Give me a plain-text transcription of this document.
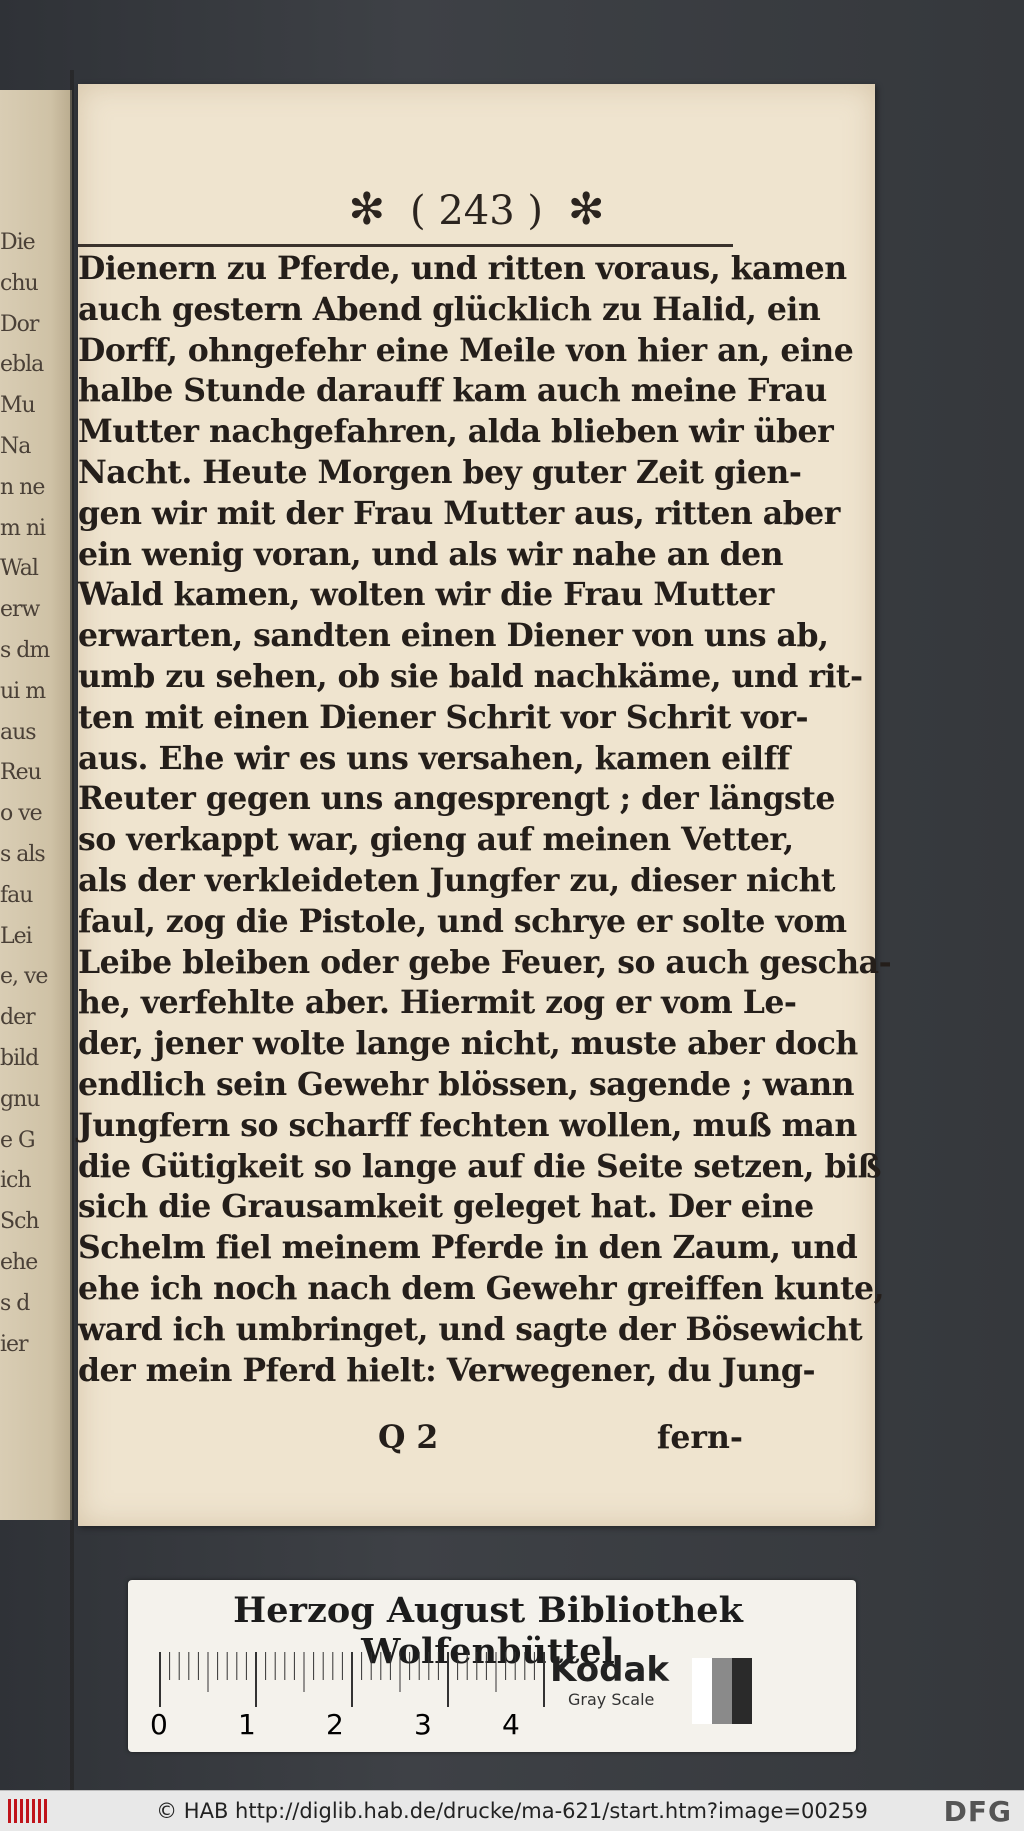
Die
chu
Dor
ebla
Mu
Na
n ne
m ni
Wal
erw
s dm
ui m
aus
Reu
o ve
s als
fau
Lei
e, ve
der
bild
gnu
e G
ich
Sch
ehe
s d
ier
✻ ( 243 ) ✻
Dienern zu Pferde, und ritten voraus, kamen
auch gestern Abend glücklich zu Halid, ein
Dorff, ohngefehr eine Meile von hier an, eine
halbe Stunde darauff kam auch meine Frau
Mutter nachgefahren, alda blieben wir über
Nacht. Heute Morgen bey guter Zeit gien-
gen wir mit der Frau Mutter aus, ritten aber
ein wenig voran, und als wir nahe an den
Wald kamen, wolten wir die Frau Mutter
erwarten, sandten einen Diener von uns ab,
umb zu sehen, ob sie bald nachkäme, und rit-
ten mit einen Diener Schrit vor Schrit vor-
aus. Ehe wir es uns versahen, kamen eilff
Reuter gegen uns angesprengt ; der längste
so verkappt war, gieng auf meinen Vetter,
als der verkleideten Jungfer zu, dieser nicht
faul, zog die Pistole, und schrye er solte vom
Leibe bleiben oder gebe Feuer, so auch gescha-
he, verfehlte aber. Hiermit zog er vom Le-
der, jener wolte lange nicht, muste aber doch
endlich sein Gewehr blössen, sagende ; wann
Jungfern so scharff fechten wollen, muß man
die Gütigkeit so lange auf die Seite setzen, biß
sich die Grausamkeit geleget hat. Der eine
Schelm fiel meinem Pferde in den Zaum, und
ehe ich noch nach dem Gewehr greiffen kunte,
ward ich umbringet, und sagte der Bösewicht
der mein Pferd hielt: Verwegener, du Jung-
Q 2	fern-
Herzog August Bibliothek Wolfenbüttel
0	1	2	3	4
Kodak
Gray Scale
© HAB http://diglib.hab.de/drucke/ma-621/start.htm?image=00259	DFG
